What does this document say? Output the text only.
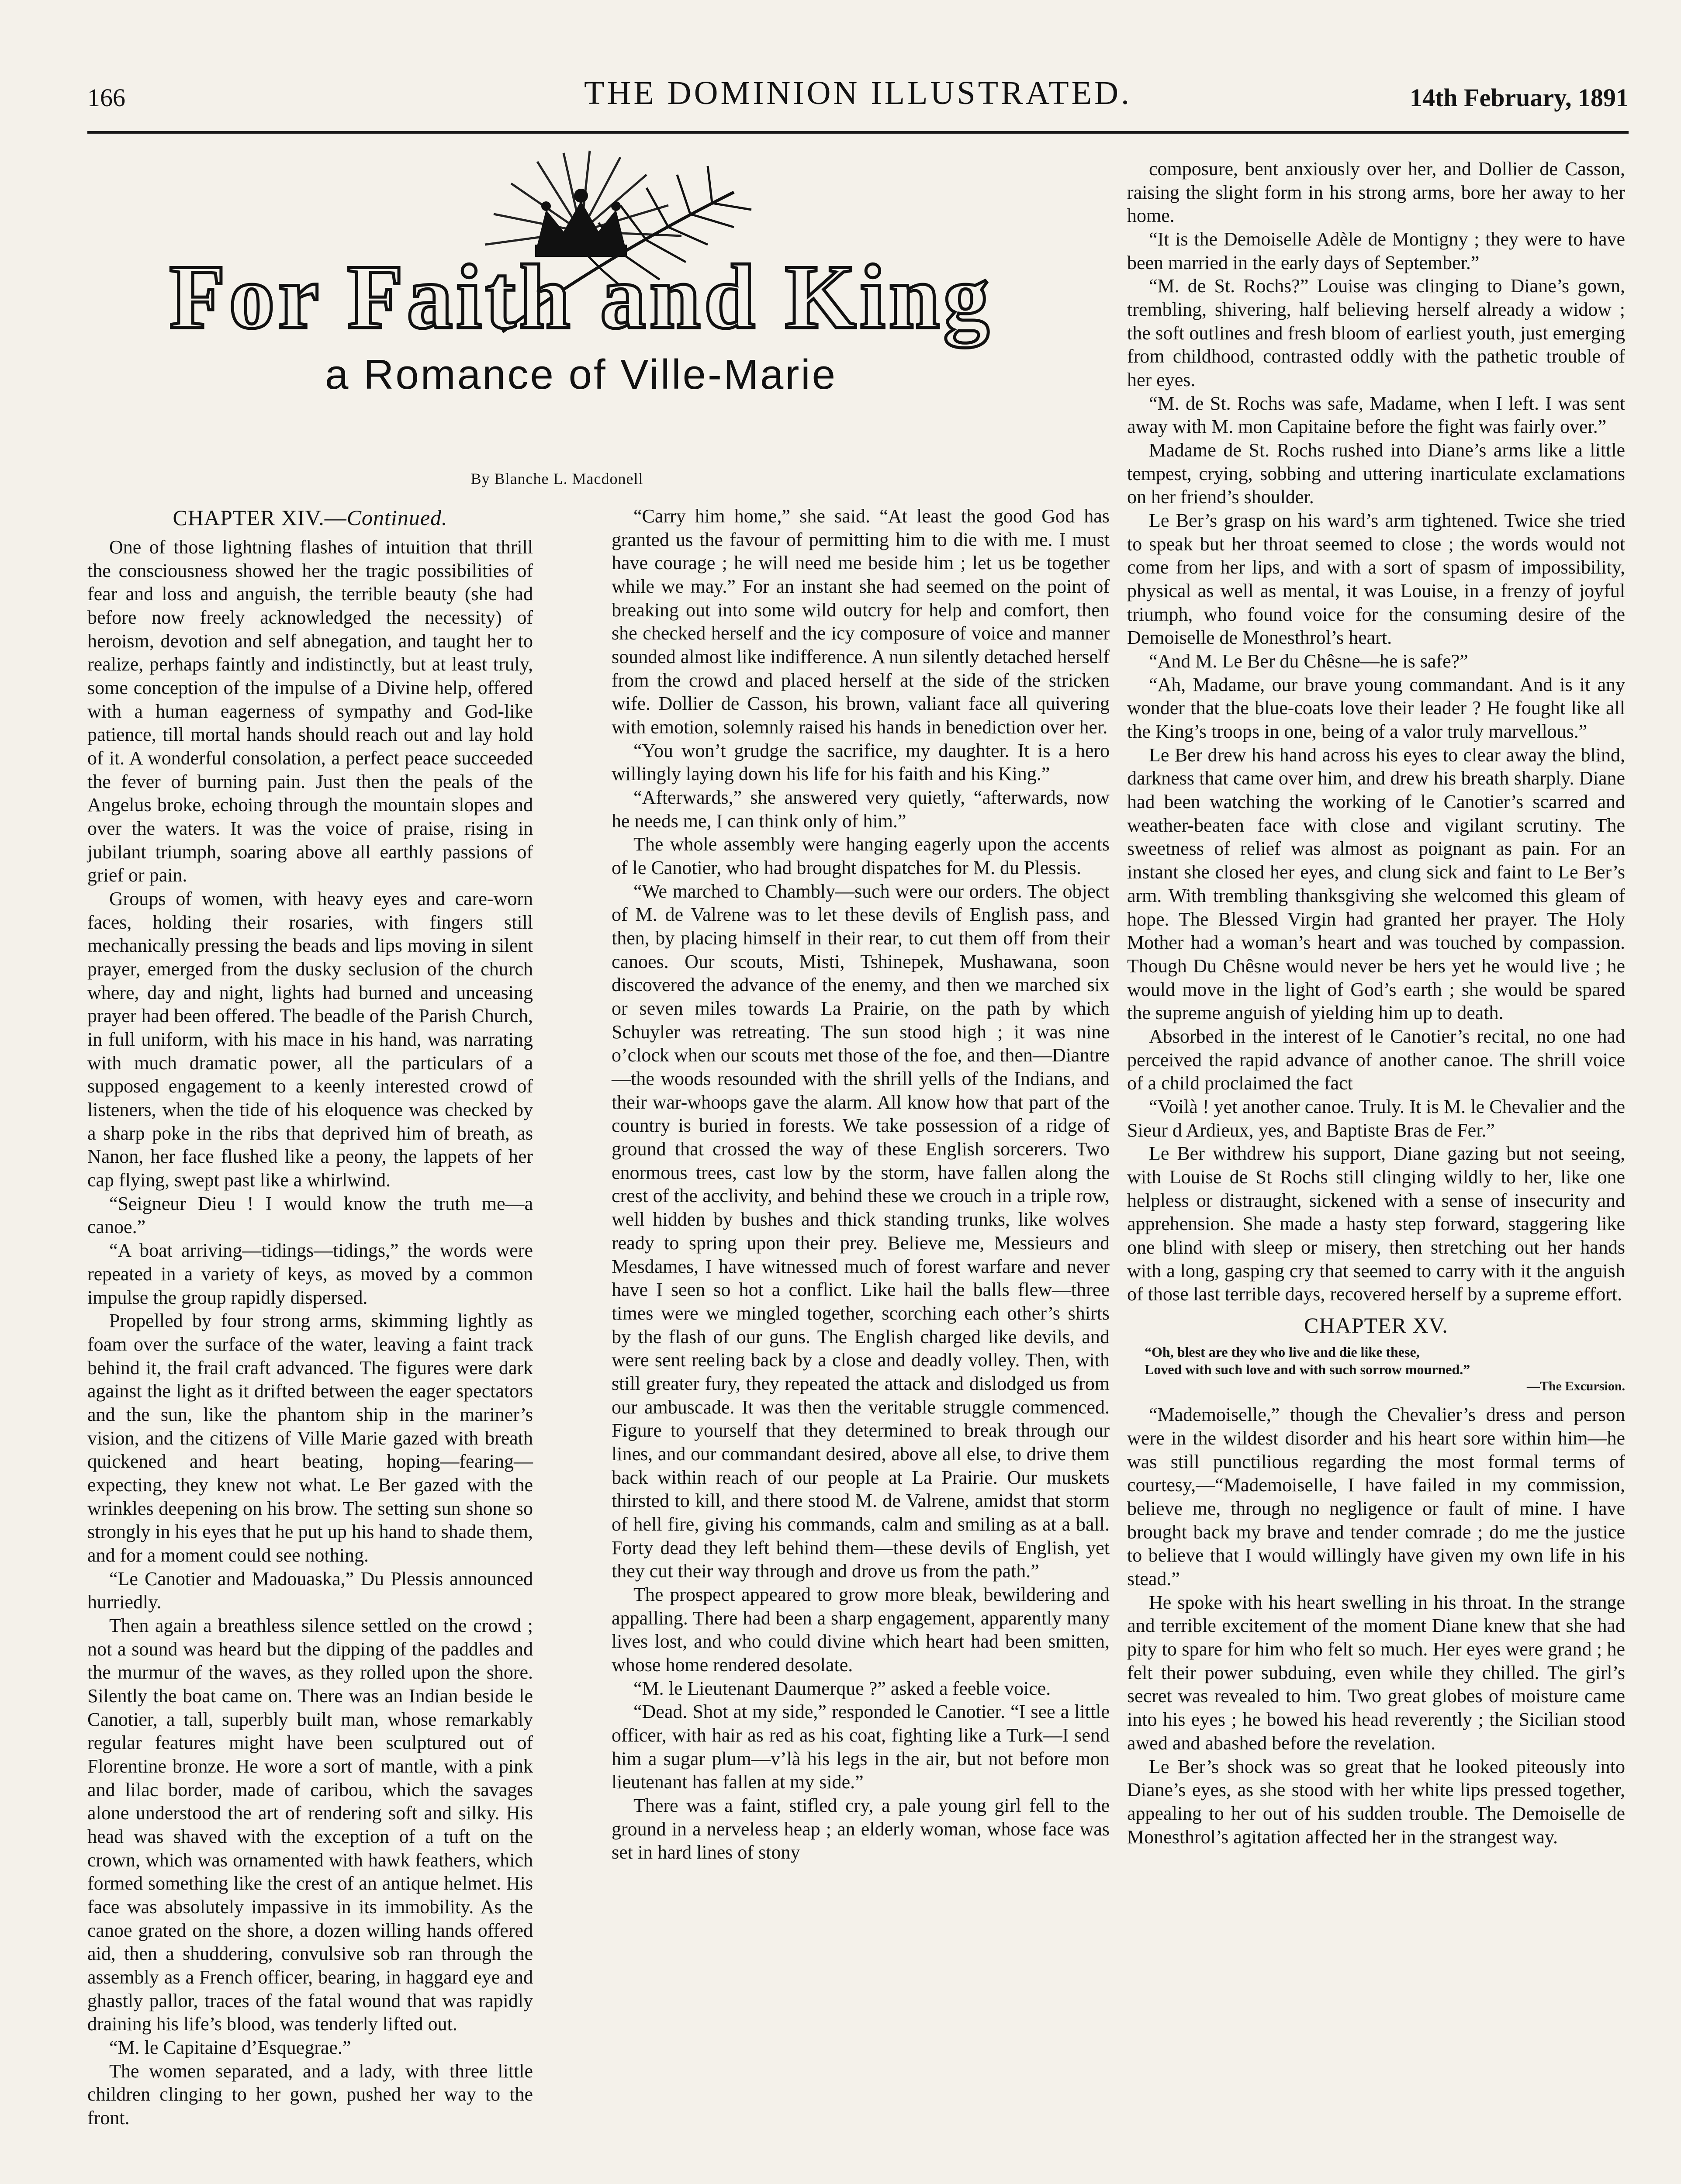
166	THE DOMINION ILLUSTRATED.	14th February, 1891
For Faith and King
a Romance of Ville-Marie
By Blanche L. Macdonell
CHAPTER XIV.—Continued.

One of those lightning flashes of intuition that thrill the consciousness showed her the tragic possibilities of fear and loss and anguish, the terrible beauty (she had before now freely acknowledged the necessity) of heroism, devotion and self abnegation, and taught her to realize, perhaps faintly and indistinctly, but at least truly, some conception of the impulse of a Divine help, offered with a human eagerness of sympathy and God-like patience, till mortal hands should reach out and lay hold of it. A wonderful consolation, a perfect peace succeeded the fever of burning pain. Just then the peals of the Angelus broke, echoing through the mountain slopes and over the waters. It was the voice of praise, rising in jubilant triumph, soaring above all earthly passions of grief or pain.

Groups of women, with heavy eyes and care-worn faces, holding their rosaries, with fingers still mechanically pressing the beads and lips moving in silent prayer, emerged from the dusky seclusion of the church where, day and night, lights had burned and unceasing prayer had been offered. The beadle of the Parish Church, in full uniform, with his mace in his hand, was narrating with much dramatic power, all the particulars of a supposed engagement to a keenly interested crowd of listeners, when the tide of his eloquence was checked by a sharp poke in the ribs that deprived him of breath, as Nanon, her face flushed like a peony, the lappets of her cap flying, swept past like a whirlwind.

“Seigneur Dieu ! I would know the truth me—a canoe.”

“A boat arriving—tidings—tidings,” the words were repeated in a variety of keys, as moved by a common impulse the group rapidly dispersed.

Propelled by four strong arms, skimming lightly as foam over the surface of the water, leaving a faint track behind it, the frail craft advanced. The figures were dark against the light as it drifted between the eager spectators and the sun, like the phantom ship in the mariner’s vision, and the citizens of Ville Marie gazed with breath quickened and heart beating, hoping—fearing—expecting, they knew not what. Le Ber gazed with the wrinkles deepening on his brow. The setting sun shone so strongly in his eyes that he put up his hand to shade them, and for a moment could see nothing.

“Le Canotier and Madouaska,” Du Plessis announced hurriedly.

Then again a breathless silence settled on the crowd ; not a sound was heard but the dipping of the paddles and the murmur of the waves, as they rolled upon the shore. Silently the boat came on. There was an Indian beside le Canotier, a tall, superbly built man, whose remarkably regular features might have been sculptured out of Florentine bronze. He wore a sort of mantle, with a pink and lilac border, made of caribou, which the savages alone understood the art of rendering soft and silky. His head was shaved with the exception of a tuft on the crown, which was ornamented with hawk feathers, which formed something like the crest of an antique helmet. His face was absolutely impassive in its immobility. As the canoe grated on the shore, a dozen willing hands offered aid, then a shuddering, convulsive sob ran through the assembly as a French officer, bearing, in haggard eye and ghastly pallor, traces of the fatal wound that was rapidly draining his life’s blood, was tenderly lifted out.

“M. le Capitaine d’Esquegrae.”

The women separated, and a lady, with three little children clinging to her gown, pushed her way to the front.

“Carry him home,” she said. “At least the good God has granted us the favour of permitting him to die with me. I must have courage ; he will need me beside him ; let us be together while we may.” For an instant she had seemed on the point of breaking out into some wild outcry for help and comfort, then she checked herself and the icy composure of voice and manner sounded almost like indifference. A nun silently detached herself from the crowd and placed herself at the side of the stricken wife. Dollier de Casson, his brown, valiant face all quivering with emotion, solemnly raised his hands in benediction over her.

“You won’t grudge the sacrifice, my daughter. It is a hero willingly laying down his life for his faith and his King.”

“Afterwards,” she answered very quietly, “afterwards, now he needs me, I can think only of him.”

The whole assembly were hanging eagerly upon the accents of le Canotier, who had brought dispatches for M. du Plessis.

“We marched to Chambly—such were our orders. The object of M. de Valrene was to let these devils of English pass, and then, by placing himself in their rear, to cut them off from their canoes. Our scouts, Misti, Tshinepek, Mushawana, soon discovered the advance of the enemy, and then we marched six or seven miles towards La Prairie, on the path by which Schuyler was retreating. The sun stood high ; it was nine o’clock when our scouts met those of the foe, and then—Diantre—the woods resounded with the shrill yells of the Indians, and their war-whoops gave the alarm. All know how that part of the country is buried in forests. We take possession of a ridge of ground that crossed the way of these English sorcerers. Two enormous trees, cast low by the storm, have fallen along the crest of the acclivity, and behind these we crouch in a triple row, well hidden by bushes and thick standing trunks, like wolves ready to spring upon their prey. Believe me, Messieurs and Mesdames, I have witnessed much of forest warfare and never have I seen so hot a conflict. Like hail the balls flew—three times were we mingled together, scorching each other’s shirts by the flash of our guns. The English charged like devils, and were sent reeling back by a close and deadly volley. Then, with still greater fury, they repeated the attack and dislodged us from our ambuscade. It was then the veritable struggle commenced. Figure to yourself that they determined to break through our lines, and our commandant desired, above all else, to drive them back within reach of our people at La Prairie. Our muskets thirsted to kill, and there stood M. de Valrene, amidst that storm of hell fire, giving his commands, calm and smiling as at a ball. Forty dead they left behind them—these devils of English, yet they cut their way through and drove us from the path.”

The prospect appeared to grow more bleak, bewildering and appalling. There had been a sharp engagement, apparently many lives lost, and who could divine which heart had been smitten, whose home rendered desolate.

“M. le Lieutenant Daumerque ?” asked a feeble voice.

“Dead. Shot at my side,” responded le Canotier. “I see a little officer, with hair as red as his coat, fighting like a Turk—I send him a sugar plum—v’là his legs in the air, but not before mon lieutenant has fallen at my side.”

There was a faint, stifled cry, a pale young girl fell to the ground in a nerveless heap ; an elderly woman, whose face was set in hard lines of stony

composure, bent anxiously over her, and Dollier de Casson, raising the slight form in his strong arms, bore her away to her home.

“It is the Demoiselle Adèle de Montigny ; they were to have been married in the early days of September.”

“M. de St. Rochs?” Louise was clinging to Diane’s gown, trembling, shivering, half believing herself already a widow ; the soft outlines and fresh bloom of earliest youth, just emerging from childhood, contrasted oddly with the pathetic trouble of her eyes.

“M. de St. Rochs was safe, Madame, when I left. I was sent away with M. mon Capitaine before the fight was fairly over.”

Madame de St. Rochs rushed into Diane’s arms like a little tempest, crying, sobbing and uttering inarticulate exclamations on her friend’s shoulder.

Le Ber’s grasp on his ward’s arm tightened. Twice she tried to speak but her throat seemed to close ; the words would not come from her lips, and with a sort of spasm of impossibility, physical as well as mental, it was Louise, in a frenzy of joyful triumph, who found voice for the consuming desire of the Demoiselle de Monesthrol’s heart.

“And M. Le Ber du Chêsne—he is safe?”

“Ah, Madame, our brave young commandant. And is it any wonder that the blue-coats love their leader ? He fought like all the King’s troops in one, being of a valor truly marvellous.”

Le Ber drew his hand across his eyes to clear away the blind, darkness that came over him, and drew his breath sharply. Diane had been watching the working of le Canotier’s scarred and weather-beaten face with close and vigilant scrutiny. The sweetness of relief was almost as poignant as pain. For an instant she closed her eyes, and clung sick and faint to Le Ber’s arm. With trembling thanksgiving she welcomed this gleam of hope. The Blessed Virgin had granted her prayer. The Holy Mother had a woman’s heart and was touched by compassion. Though Du Chêsne would never be hers yet he would live ; he would move in the light of God’s earth ; she would be spared the supreme anguish of yielding him up to death.

Absorbed in the interest of le Canotier’s recital, no one had perceived the rapid advance of another canoe. The shrill voice of a child proclaimed the fact

“Voilà ! yet another canoe. Truly. It is M. le Chevalier and the Sieur d Ardieux, yes, and Baptiste Bras de Fer.”

Le Ber withdrew his support, Diane gazing but not seeing, with Louise de St Rochs still clinging wildly to her, like one helpless or distraught, sickened with a sense of insecurity and apprehension. She made a hasty step forward, staggering like one blind with sleep or misery, then stretching out her hands with a long, gasping cry that seemed to carry with it the anguish of those last terrible days, recovered herself by a supreme effort.

CHAPTER XV.
“Oh, blest are they who live and die like these,
Loved with such love and with such sorrow mourned.”
—The Excursion.

“Mademoiselle,” though the Chevalier’s dress and person were in the wildest disorder and his heart sore within him—he was still punctilious regarding the most formal terms of courtesy,—“Mademoiselle, I have failed in my commission, believe me, through no negligence or fault of mine. I have brought back my brave and tender comrade ; do me the justice to believe that I would willingly have given my own life in his stead.”

He spoke with his heart swelling in his throat. In the strange and terrible excitement of the moment Diane knew that she had pity to spare for him who felt so much. Her eyes were grand ; he felt their power subduing, even while they chilled. The girl’s secret was revealed to him. Two great globes of moisture came into his eyes ; he bowed his head reverently ; the Sicilian stood awed and abashed before the revelation.

Le Ber’s shock was so great that he looked piteously into Diane’s eyes, as she stood with her white lips pressed together, appealing to her out of his sudden trouble. The Demoiselle de Monesthrol’s agitation affected her in the strangest way.
